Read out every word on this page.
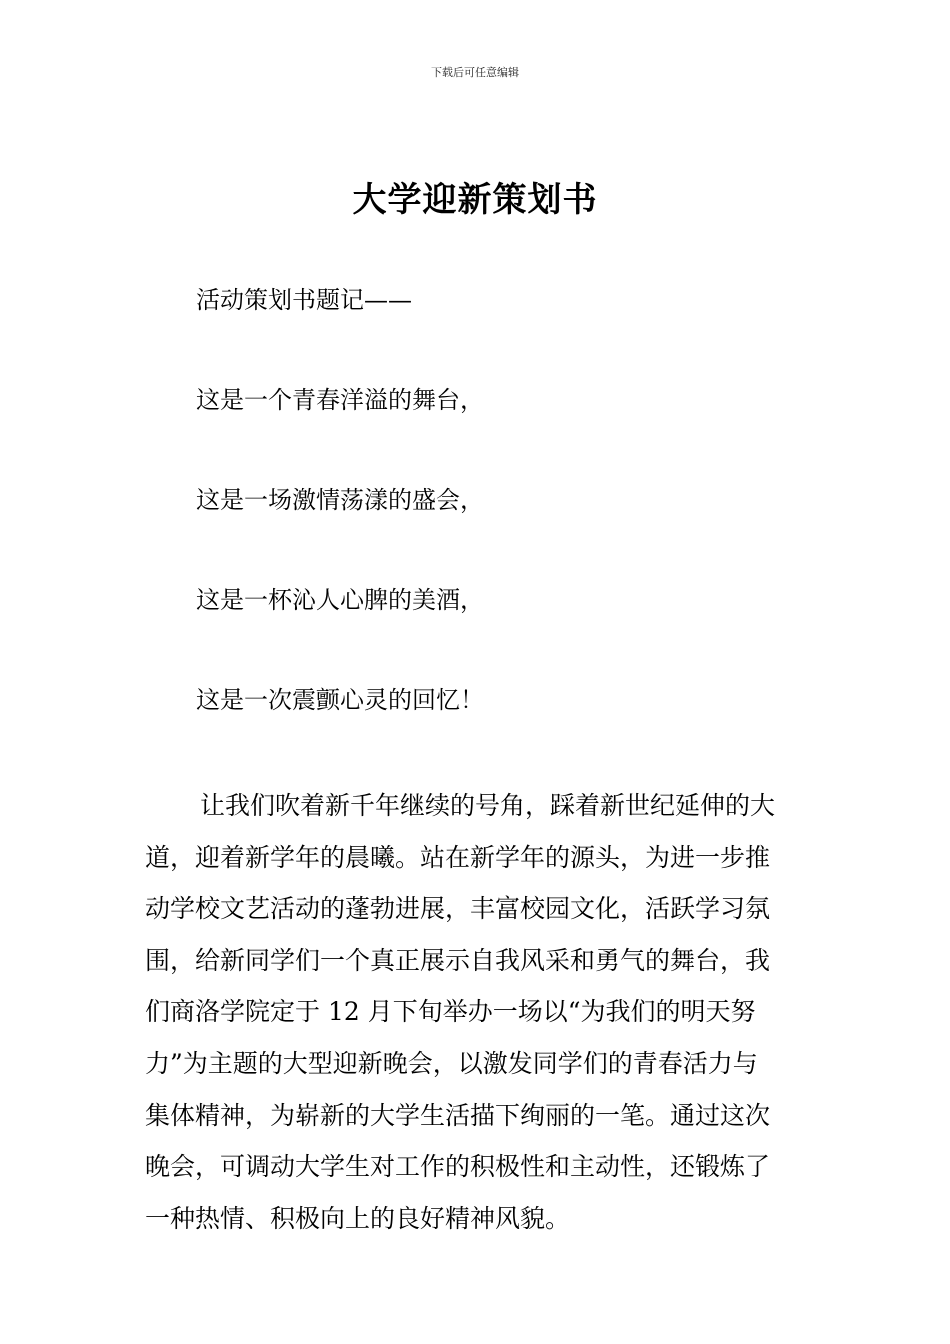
下载后可任意编辑
大学迎新策划书
活动策划书题记——
这是一个青春洋溢的舞台，
这是一场激情荡漾的盛会，
这是一杯沁人心脾的美酒，
这是一次震颤心灵的回忆！
让我们吹着新千年继续的号角，踩着新世纪延伸的大
道，迎着新学年的晨曦。站在新学年的源头，为进一步推
动学校文艺活动的蓬勃进展，丰富校园文化，活跃学习氛
围，给新同学们一个真正展示自我风采和勇气的舞台，我
们商洛学院定于 12 月下旬举办一场以“为我们的明天努
力”为主题的大型迎新晚会，以激发同学们的青春活力与
集体精神，为崭新的大学生活描下绚丽的一笔。通过这次
晚会，可调动大学生对工作的积极性和主动性，还锻炼了
一种热情、积极向上的良好精神风貌。
